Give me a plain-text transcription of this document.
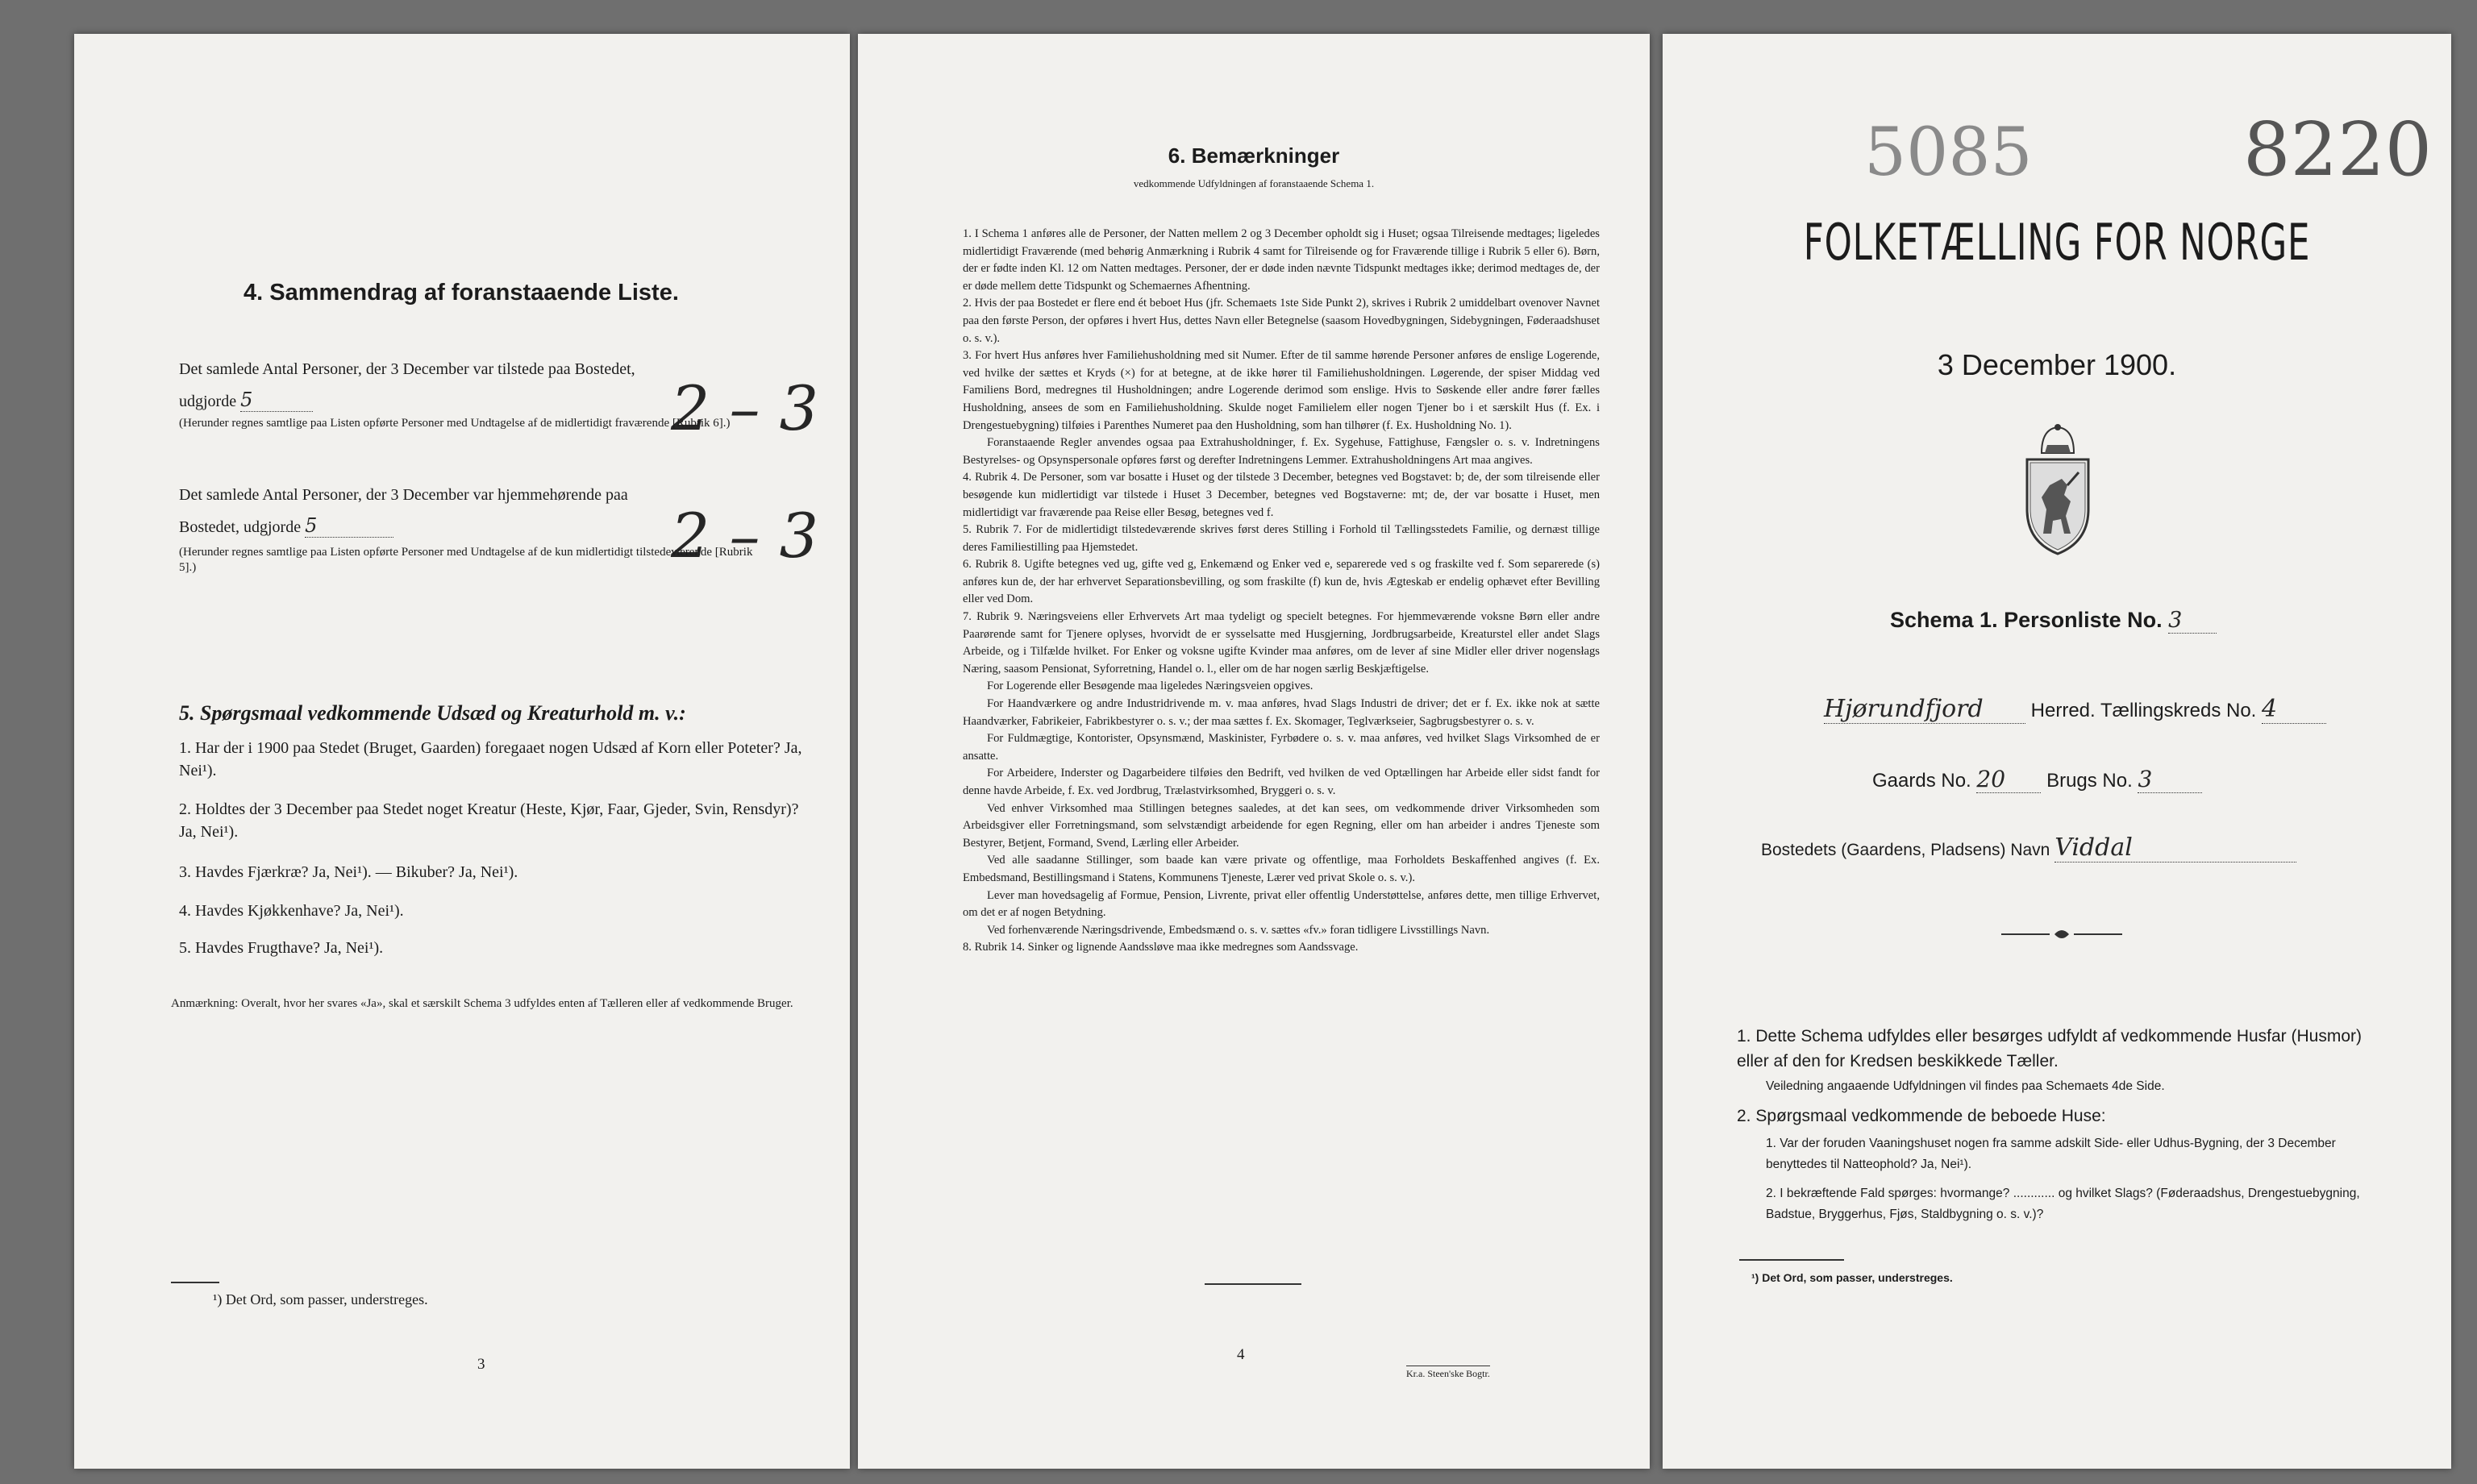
4. Sammendrag af foranstaaende Liste.
Det samlede Antal Personer, der 3 December var tilstede paa Bostedet,
udgjorde 5	2 – 3
(Herunder regnes samtlige paa Listen opførte Personer med Undtagelse af de midlertidigt fraværende [Rubrik 6].)
Det samlede Antal Personer, der 3 December var hjemmehørende paa
Bostedet, udgjorde 5	2 – 3
(Herunder regnes samtlige paa Listen opførte Personer med Undtagelse af de kun midlertidigt tilstedeværende [Rubrik 5].)
5. Spørgsmaal vedkommende Udsæd og Kreaturhold m. v.:
1. Har der i 1900 paa Stedet (Bruget, Gaarden) foregaaet nogen Udsæd af Korn eller Poteter? Ja, Nei¹).
2. Holdtes der 3 December paa Stedet noget Kreatur (Heste, Kjør, Faar, Gjeder, Svin, Rensdyr)? Ja, Nei¹).
3. Havdes Fjærkræ? Ja, Nei¹). — Bikuber? Ja, Nei¹).
4. Havdes Kjøkkenhave? Ja, Nei¹).
5. Havdes Frugthave? Ja, Nei¹).
Anmærkning: Overalt, hvor her svares «Ja», skal et særskilt Schema 3 udfyldes enten af Tælleren eller af vedkommende Bruger.
¹) Det Ord, som passer, understreges.
3
6. Bemærkninger
vedkommende Udfyldningen af foranstaaende Schema 1.

1. I Schema 1 anføres alle de Personer, der Natten mellem 2 og 3 December opholdt sig i Huset; ogsaa Tilreisende medtages; ligeledes midlertidigt Fraværende (med behørig Anmærkning i Rubrik 4 samt for Tilreisende og for Fraværende tillige i Rubrik 5 eller 6). Børn, der er fødte inden Kl. 12 om Natten medtages. Personer, der er døde inden nævnte Tidspunkt medtages ikke; derimod medtages de, der er døde mellem dette Tidspunkt og Schemaernes Afhentning.

2. Hvis der paa Bostedet er flere end ét beboet Hus (jfr. Schemaets 1ste Side Punkt 2), skrives i Rubrik 2 umiddelbart ovenover Navnet paa den første Person, der opføres i hvert Hus, dettes Navn eller Betegnelse (saasom Hovedbygningen, Sidebygningen, Føderaadshuset o. s. v.).

3. For hvert Hus anføres hver Familiehusholdning med sit Numer. Efter de til samme hørende Personer anføres de enslige Logerende, ved hvilke der sættes et Kryds (×) for at betegne, at de ikke hører til Familiehusholdningen. Løgerende, der spiser Middag ved Familiens Bord, medregnes til Husholdningen; andre Logerende derimod som enslige. Hvis to Søskende eller andre fører fælles Husholdning, ansees de som en Familiehusholdning. Skulde noget Familielem eller nogen Tjener bo i et særskilt Hus (f. Ex. i Drengestuebygning) tilføies i Parenthes Numeret paa den Husholdning, som han tilhører (f. Ex. Husholdning No. 1).

Foranstaaende Regler anvendes ogsaa paa Extrahusholdninger, f. Ex. Sygehuse, Fattighuse, Fængsler o. s. v. Indretningens Bestyrelses- og Opsynspersonale opføres først og derefter Indretningens Lemmer. Extrahusholdningens Art maa angives.

4. Rubrik 4. De Personer, som var bosatte i Huset og der tilstede 3 December, betegnes ved Bogstavet: b; de, der som tilreisende eller besøgende kun midlertidigt var tilstede i Huset 3 December, betegnes ved Bogstaverne: mt; de, der var bosatte i Huset, men midlertidigt var fraværende paa Reise eller Besøg, betegnes ved f.

5. Rubrik 7. For de midlertidigt tilstedeværende skrives først deres Stilling i Forhold til Tællingsstedets Familie, og dernæst tillige deres Familiestilling paa Hjemstedet.

6. Rubrik 8. Ugifte betegnes ved ug, gifte ved g, Enkemænd og Enker ved e, separerede ved s og fraskilte ved f. Som separerede (s) anføres kun de, der har erhvervet Separationsbevilling, og som fraskilte (f) kun de, hvis Ægteskab er endelig ophævet efter Bevilling eller ved Dom.

7. Rubrik 9. Næringsveiens eller Erhvervets Art maa tydeligt og specielt betegnes. For hjemmeværende voksne Børn eller andre Paarørende samt for Tjenere oplyses, hvorvidt de er sysselsatte med Husgjerning, Jordbrugsarbeide, Kreaturstel eller andet Slags Arbeide, og i Tilfælde hvilket. For Enker og voksne ugifte Kvinder maa anføres, om de lever af sine Midler eller driver nogensłags Næring, saasom Pensionat, Syforretning, Handel o. l., eller om de har nogen særlig Beskjæftigelse.

For Logerende eller Besøgende maa ligeledes Næringsveien opgives.

For Haandværkere og andre Industridrivende m. v. maa anføres, hvad Slags Industri de driver; det er f. Ex. ikke nok at sætte Haandværker, Fabrikeier, Fabrikbestyrer o. s. v.; der maa sættes f. Ex. Skomager, Teglværkseier, Sagbrugsbestyrer o. s. v.

For Fuldmægtige, Kontorister, Opsynsmænd, Maskinister, Fyrbødere o. s. v. maa anføres, ved hvilket Slags Virksomhed de er ansatte.

For Arbeidere, Inderster og Dagarbeidere tilføies den Bedrift, ved hvilken de ved Optællingen har Arbeide eller sidst fandt for denne havde Arbeide, f. Ex. ved Jordbrug, Trælastvirksomhed, Bryggeri o. s. v.

Ved enhver Virksomhed maa Stillingen betegnes saaledes, at det kan sees, om vedkommende driver Virksomheden som Arbeidsgiver eller Forretningsmand, som selvstændigt arbeidende for egen Regning, eller om han arbeider i andres Tjeneste som Bestyrer, Betjent, Formand, Svend, Lærling eller Arbeider.

Ved alle saadanne Stillinger, som baade kan være private og offentlige, maa Forholdets Beskaffenhed angives (f. Ex. Embedsmand, Bestillingsmand i Statens, Kommunens Tjeneste, Lærer ved privat Skole o. s. v.).

Lever man hovedsagelig af Formue, Pension, Livrente, privat eller offentlig Understøttelse, anføres dette, men tillige Erhvervet, om det er af nogen Betydning.

Ved forhenværende Næringsdrivende, Embedsmænd o. s. v. sættes «fv.» foran tidligere Livsstillings Navn.

8. Rubrik 14. Sinker og lignende Aandssløve maa ikke medregnes som Aandssvage.

4
Kr.a. Steen'ske Bogtr.
5085	8220
FOLKETÆLLING FOR NORGE
3 December 1900.
Schema 1. Personliste No. 3
Hjørundfjord Herred. Tællingskreds No. 4
Gaards No. 20 Brugs No. 3
Bostedets (Gaardens, Pladsens) Navn Viddal
1. Dette Schema udfyldes eller besørges udfyldt af vedkommende Husfar (Husmor) eller af den for Kredsen beskikkede Tæller.
Veiledning angaaende Udfyldningen vil findes paa Schemaets 4de Side.
2. Spørgsmaal vedkommende de beboede Huse:
1. Var der foruden Vaaningshuset nogen fra samme adskilt Side- eller Udhus-Bygning, der 3 December benyttedes til Natteophold? Ja, Nei¹).
2. I bekræftende Fald spørges: hvormange? ............ og hvilket Slags? (Føderaadshus, Drengestuebygning, Badstue, Bryggerhus, Fjøs, Staldbygning o. s. v.)?
¹) Det Ord, som passer, understreges.
